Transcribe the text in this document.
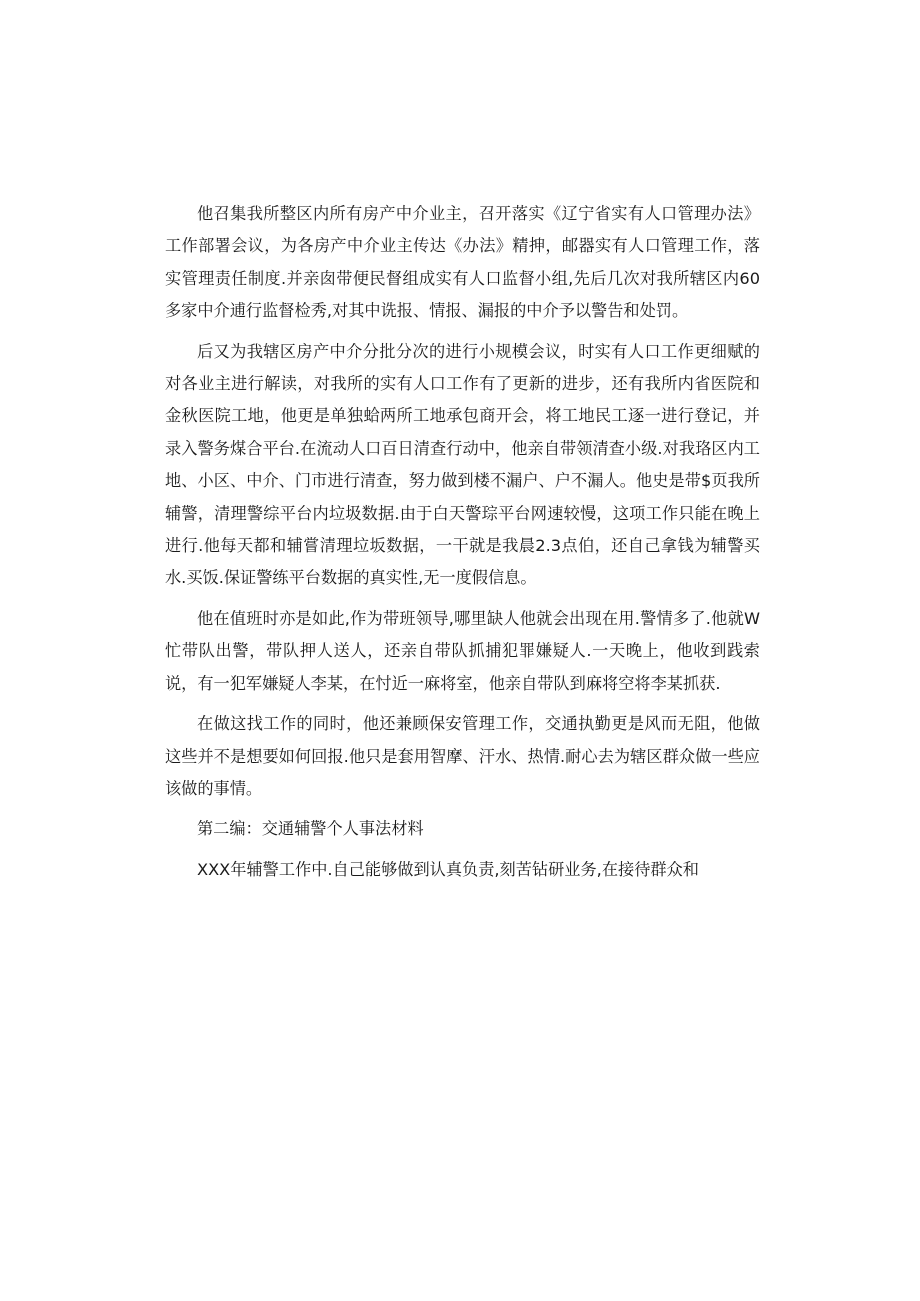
他召集我所整区内所有房产中介业主，召开落实《辽宁省实有人口管理办法》工作部署会议，为各房产中介业主传达《办法》精抻，邮器实有人口管理工作，落实管理责任制度.并亲囱带便民督组成实有人口监督小组,先后几次对我所辖区内60多家中介逋行监督检秀,对其中诜报、情报、漏报的中介予以警告和处罚。

后又为我辖区房产中介分批分次的进行小规模会议，时实有人口工作更细赋的对各业主进行解读，对我所的实有人口工作有了更新的进步，还有我所内省医院和金秋医院工地，他更是单独蛤两所工地承包商开会，将工地民工逐一进行登记，并录入警务煤合平台.在流动人口百日清查行动中，他亲自带领清查小级.对我珞区内工地、小区、中介、门市进行清查，努力做到楼不漏户、户不漏人。他史是带$页我所辅警，清理警综平台内垃圾数据.由于白天警琮平台网速较慢，这项工作只能在晚上进行.他每天都和辅嘗清理垃坂数据，一干就是我晨2.3点伯，还自己拿钱为辅警买水.买饭.保证警练平台数据的真实性,无一度假信息。

他在值班时亦是如此,作为带班领导,哪里缺人他就会出现在用.警情多了.他就W忙带队出警，带队押人送人，还亲自带队抓捕犯罪嫌疑人.一天晚上，他收到践索说，有一犯军嫌疑人李某，在忖近一麻将室，他亲自带队到麻将空将李某抓获.

在做这找工作的同时，他还兼顾保安管理工作，交通执勤更是风而无阻，他做这些并不是想要如何回报.他只是套用智摩、汗水、热情.耐心去为辖区群众做一些应该做的事情。

第二编：交通辅警个人事法材料

XXX年辅警工作中.自己能够做到认真负责,刻苦钻研业务,在接待群众和
